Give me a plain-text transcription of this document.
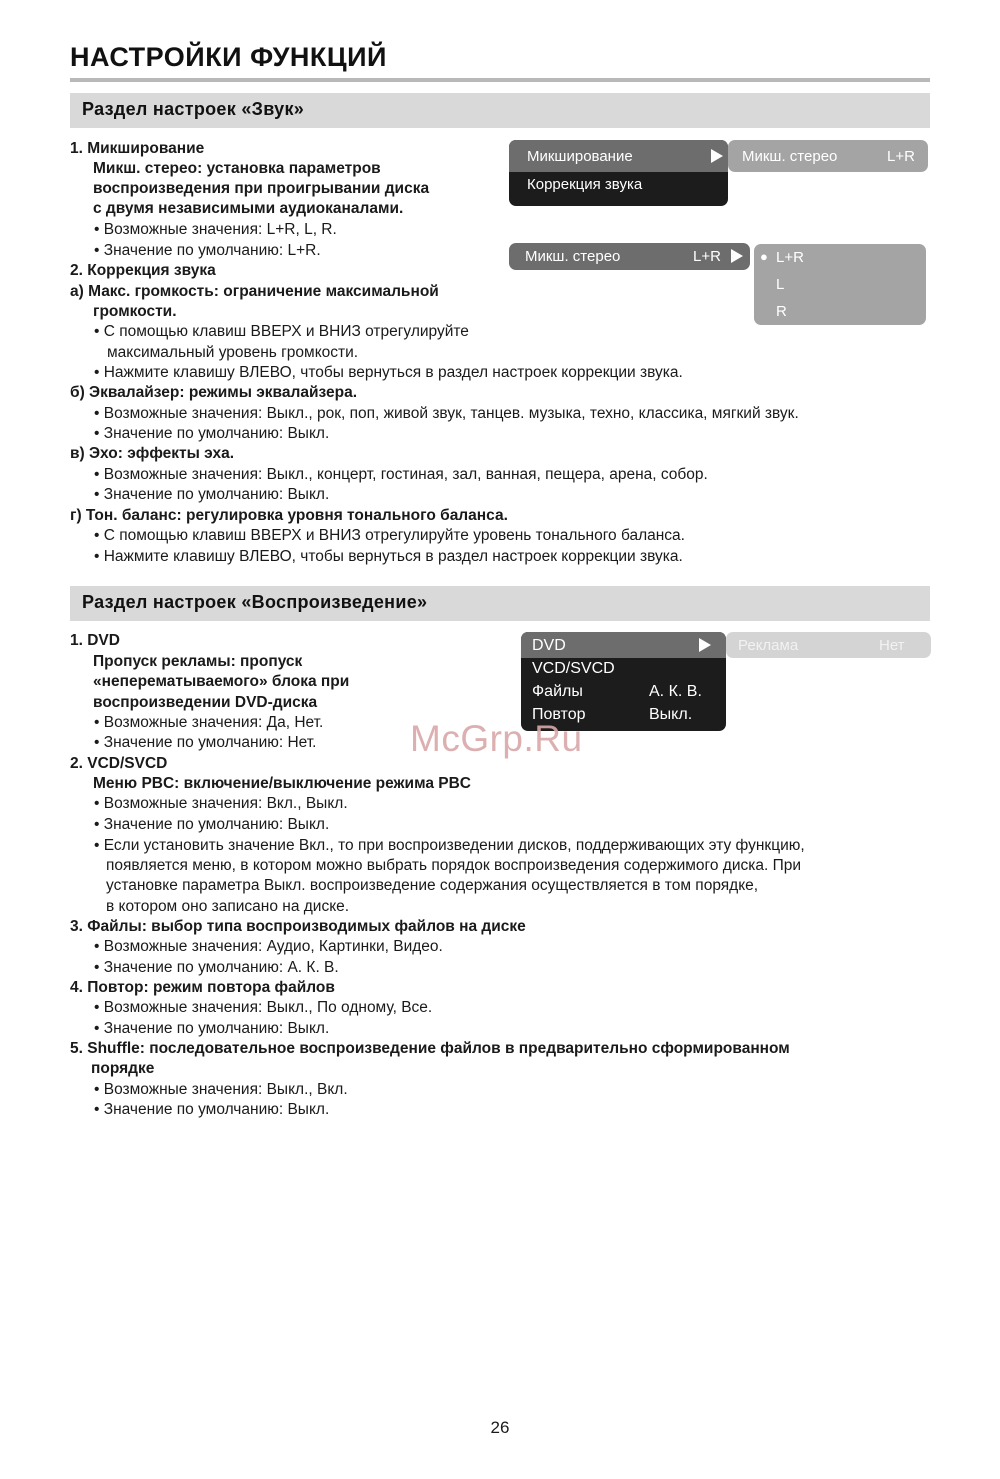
НАСТРОЙКИ ФУНКЦИЙ
Раздел настроек «Звук»
1. Микширование
Микш. стерео: установка параметров
воспроизведения при проигрывании диска
с двумя независимыми аудиоканалами.
• Возможные значения: L+R, L, R.
• Значение по умолчанию: L+R.
2. Коррекция звука
а) Макс. громкость: ограничение максимальной
громкости.
• С помощью клавиш ВВЕРХ и ВНИЗ отрегулируйте
максимальный уровень громкости.
• Нажмите клавишу ВЛЕВО, чтобы вернуться в раздел настроек коррекции звука.
б) Эквалайзер: режимы эквалайзера.
• Возможные значения: Выкл., рок, поп, живой звук, танцев. музыка, техно, классика, мягкий звук.
• Значение по умолчанию: Выкл.
в) Эхо: эффекты эха.
• Возможные значения: Выкл., концерт, гостиная, зал, ванная, пещера, арена, собор.
• Значение по умолчанию: Выкл.
г) Тон. баланс: регулировка уровня тонального баланса.
• С помощью клавиш ВВЕРХ и ВНИЗ отрегулируйте уровень тонального баланса.
• Нажмите клавишу ВЛЕВО, чтобы вернуться в раздел настроек коррекции звука.
Микширование
Коррекция звука
Микш. стерео	L+R
Микш. стерео	L+R	● L+R
L
R
Раздел настроек «Воспроизведение»
1. DVD
Пропуск рекламы: пропуск
«неперематываемого» блока при
воспроизведении DVD-диска
• Возможные значения: Да, Нет.
• Значение по умолчанию: Нет.
2. VCD/SVCD
Меню PBC: включение/выключение режима PBC
• Возможные значения: Вкл., Выкл.
• Значение по умолчанию: Выкл.
• Если установить значение Вкл., то при воспроизведении дисков, поддерживающих эту функцию,
появляется меню, в котором можно выбрать порядок воспроизведения содержимого диска. При
установке параметра Выкл. воспроизведение содержания осуществляется в том порядке,
в котором оно записано на диске.
3. Файлы: выбор типа воспроизводимых файлов на диске
• Возможные значения: Аудио, Картинки, Видео.
• Значение по умолчанию: А. К. В.
4. Повтор: режим повтора файлов
• Возможные значения: Выкл., По одному, Все.
• Значение по умолчанию: Выкл.
5. Shuffle: последовательное воспроизведение файлов в предварительно сформированном
порядке
• Возможные значения: Выкл., Вкл.
• Значение по умолчанию: Выкл.
DVD
VCD/SVCD
Файлы	А. К. В.
Повтор	Выкл.
Реклама	Нет
McGrp.Ru
26
